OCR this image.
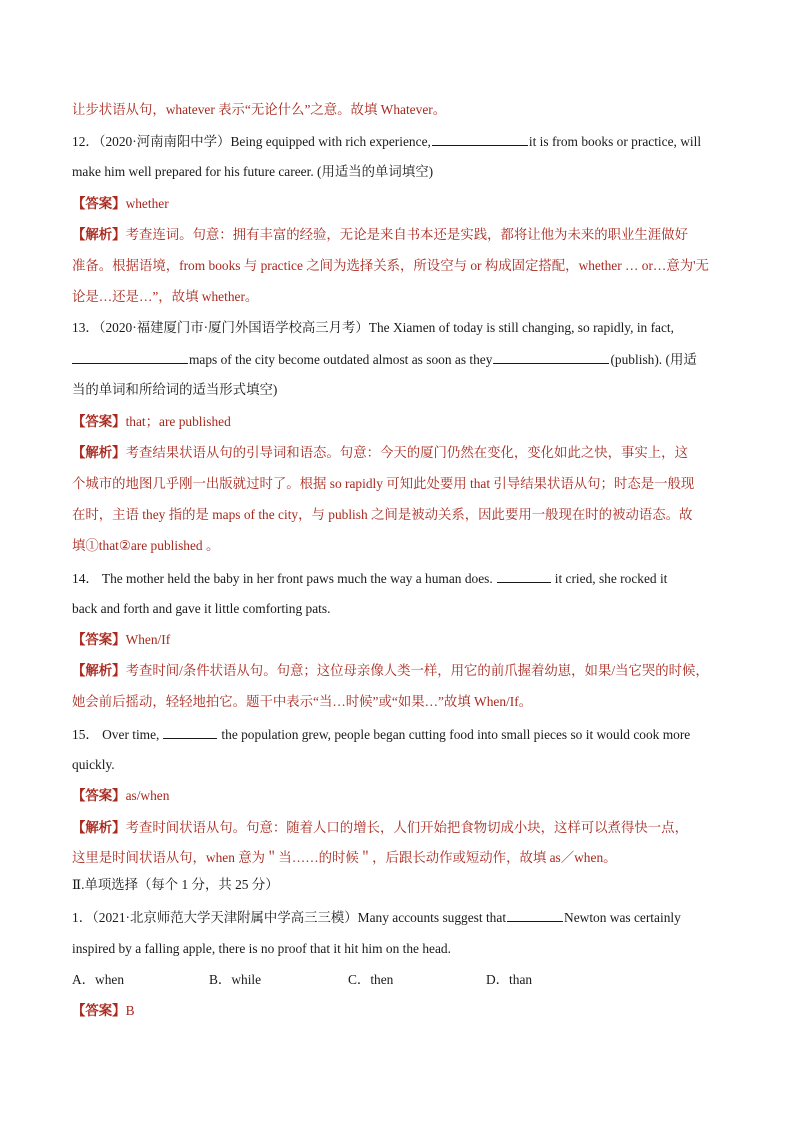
让步状语从句，whatever 表示“无论什么”之意。故填 Whatever。
12．（2020·河南南阳中学）Being equipped with rich experience,	it is from books or practice, will
make him well prepared for his future career. (用适当的单词填空)
【答案】whether
【解析】考查连词。句意：拥有丰富的经验，无论是来自书本还是实践，都将让他为未来的职业生涯做好
准备。根据语境，from books 与 practice 之间为选择关系，所设空与 or 构成固定搭配，whether … or…意为'无
论是…还是…”，故填 whether。
13．（2020·福建厦门市·厦门外国语学校高三月考）The Xiamen of today is still changing, so rapidly, in fact,
maps of the city become outdated almost as soon as they	(publish). (用适
当的单词和所给词的适当形式填空)
【答案】that；are published
【解析】考查结果状语从句的引导词和语态。句意：今天的厦门仍然在变化，变化如此之快，事实上，这
个城市的地图几乎刚一出版就过时了。根据 so rapidly 可知此处要用 that 引导结果状语从句；时态是一般现
在时，主语 they 指的是 maps of the city，与 publish 之间是被动关系，因此要用一般现在时的被动语态。故
填①that②are published 。
14． The mother held the baby in her front paws much the way a human does.	it cried, she rocked it
back and forth and gave it little comforting pats.
【答案】When/If
【解析】考查时间/条件状语从句。句意；这位母亲像人类一样，用它的前爪握着幼崽，如果/当它哭的时候，
她会前后摇动，轻轻地拍它。题干中表示“当…时候”或“如果…”故填 When/If。
15． Over time,	the population grew, people began cutting food into small pieces so it would cook more
quickly.
【答案】as/when
【解析】考查时间状语从句。句意：随着人口的增长，人们开始把食物切成小块，这样可以煮得快一点，
这里是时间状语从句，when 意为＂当……的时候＂，后跟长动作或短动作，故填 as／when。
Ⅱ.单项选择（每个 1 分，共 25 分）
1．（2021·北京师范大学天津附属中学高三三模）Many accounts suggest that	Newton was certainly
inspired by a falling apple, there is no proof that it hit him on the head.
A．when	B．while	C．then	D．than
【答案】B
